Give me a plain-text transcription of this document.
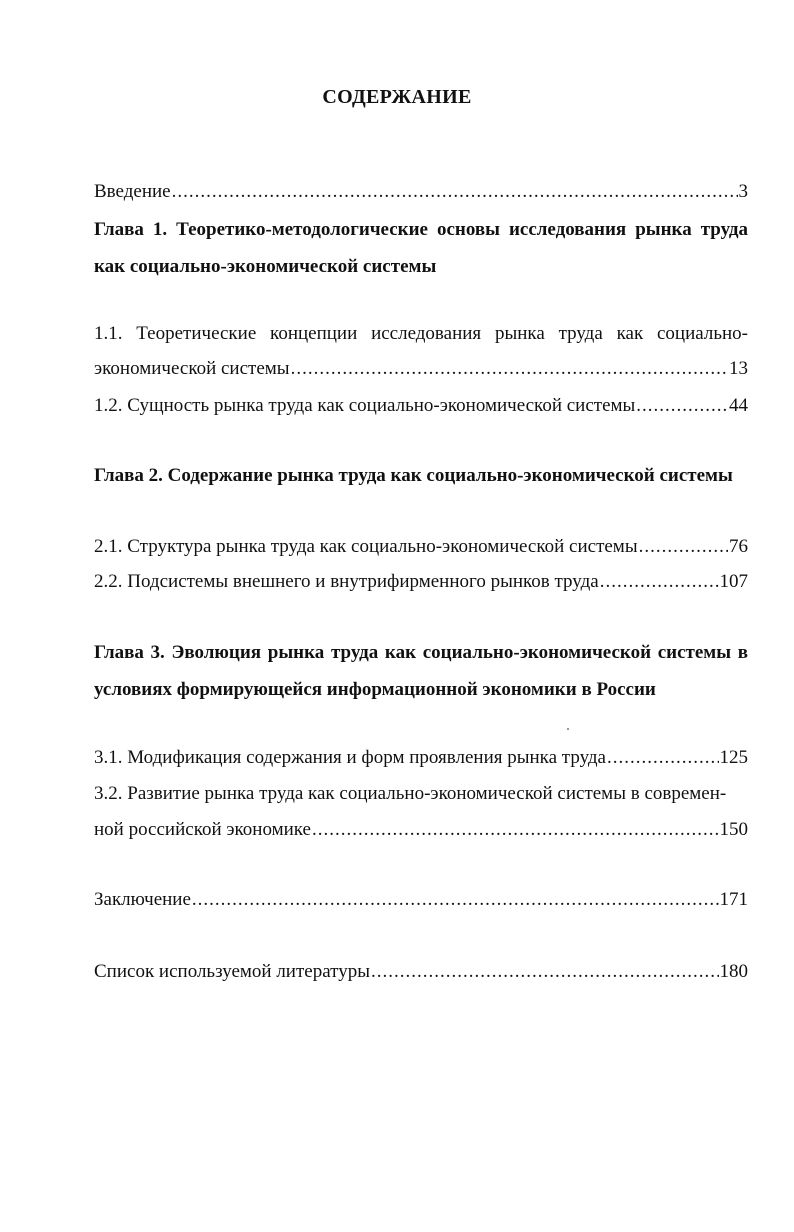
СОДЕРЖАНИЕ
Введение .....	3
Глава 1. Теоретико-методологические основы исследования рынка труда
как социально-экономической системы
1.1. Теоретические концепции исследования рынка труда как социально-
экономической системы .....	13
1.2. Сущность рынка труда как социально-экономической системы .....	44
Глава 2. Содержание рынка труда как социально-экономической системы
2.1. Структура рынка труда как социально-экономической системы .....	76
2.2. Подсистемы внешнего и внутрифирменного рынков труда .....	107
Глава 3. Эволюция рынка труда как социально-экономической системы в
условиях формирующейся информационной экономики в России
3.1. Модификация содержания и форм проявления рынка труда .....	125
3.2. Развитие рынка труда как социально-экономической системы в современ-
ной российской экономике .....	150
Заключение .....	171
Список используемой литературы .....	180
